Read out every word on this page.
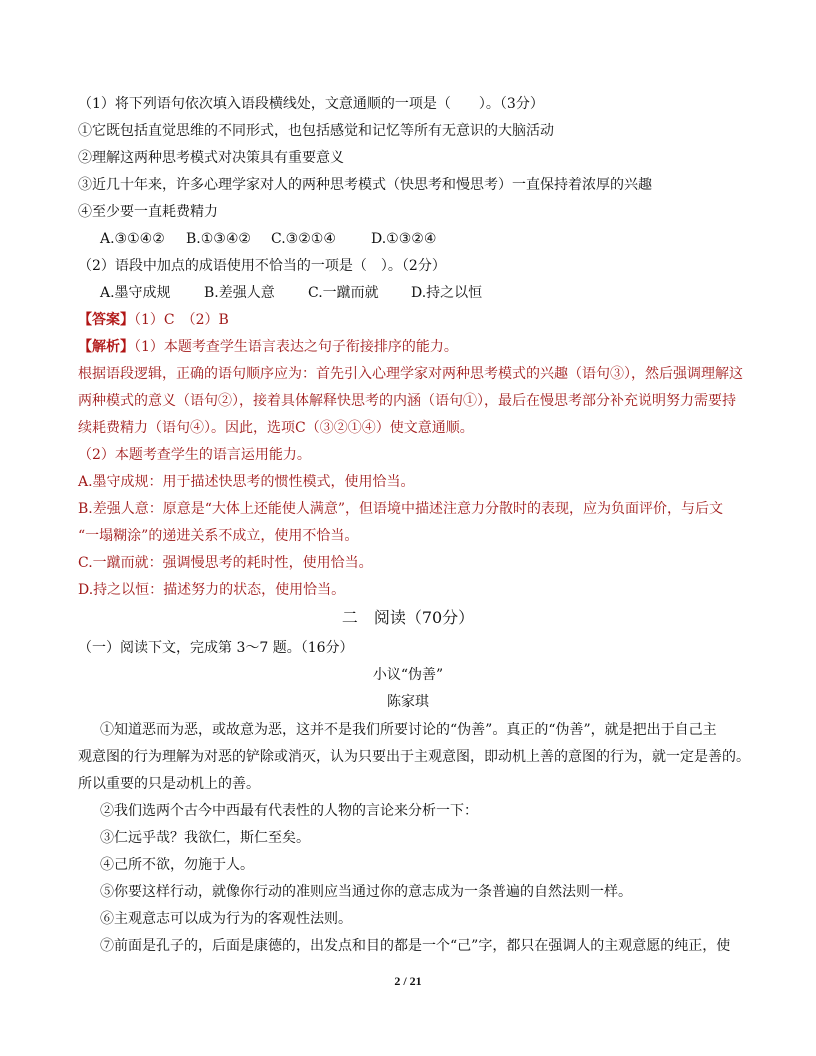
（1）将下列语句依次填入语段横线处，文意通顺的一项是（　　）。（3分）
①它既包括直觉思维的不同形式，也包括感觉和记忆等所有无意识的大脑活动
②理解这两种思考模式对决策具有重要意义
③近几十年来，许多心理学家对人的两种思考模式（快思考和慢思考）一直保持着浓厚的兴趣
④至少要一直耗费精力
A.③①④② B.①③④② C.③②①④	D.①③②④
（2）语段中加点的成语使用不恰当的一项是（　）。（2分）
A.墨守成规 B.差强人意 C.一蹴而就 D.持之以恒
【答案】（1）C　（2）B
【解析】（1）本题考查学生语言表达之句子衔接排序的能力。
根据语段逻辑，正确的语句顺序应为：首先引入心理学家对两种思考模式的兴趣（语句③），然后强调理解这
两种模式的意义（语句②），接着具体解释快思考的内涵（语句①），最后在慢思考部分补充说明努力需要持
续耗费精力（语句④）。因此，选项C（③②①④）使文意通顺。
（2）本题考查学生的语言运用能力。
A.墨守成规：用于描述快思考的惯性模式，使用恰当。
B.差强人意：原意是“大体上还能使人满意”，但语境中描述注意力分散时的表现，应为负面评价，与后文
“一塌糊涂”的递进关系不成立，使用不恰当。
C.一蹴而就：强调慢思考的耗时性，使用恰当。
D.持之以恒：描述努力的状态，使用恰当。
二　阅读（70分）
（一）阅读下文，完成第 3～7 题。（16分）
小议“伪善”
陈家琪
①知道恶而为恶，或故意为恶，这并不是我们所要讨论的“伪善”。真正的“伪善”，就是把出于自己主
观意图的行为理解为对恶的铲除或消灭，认为只要出于主观意图，即动机上善的意图的行为，就一定是善的。
所以重要的只是动机上的善。
②我们选两个古今中西最有代表性的人物的言论来分析一下：
③仁远乎哉？我欲仁，斯仁至矣。
④己所不欲，勿施于人。
⑤你要这样行动，就像你行动的准则应当通过你的意志成为一条普遍的自然法则一样。
⑥主观意志可以成为行为的客观性法则。
⑦前面是孔子的，后面是康德的，出发点和目的都是一个“己”字，都只在强调人的主观意愿的纯正，使
2 / 21
